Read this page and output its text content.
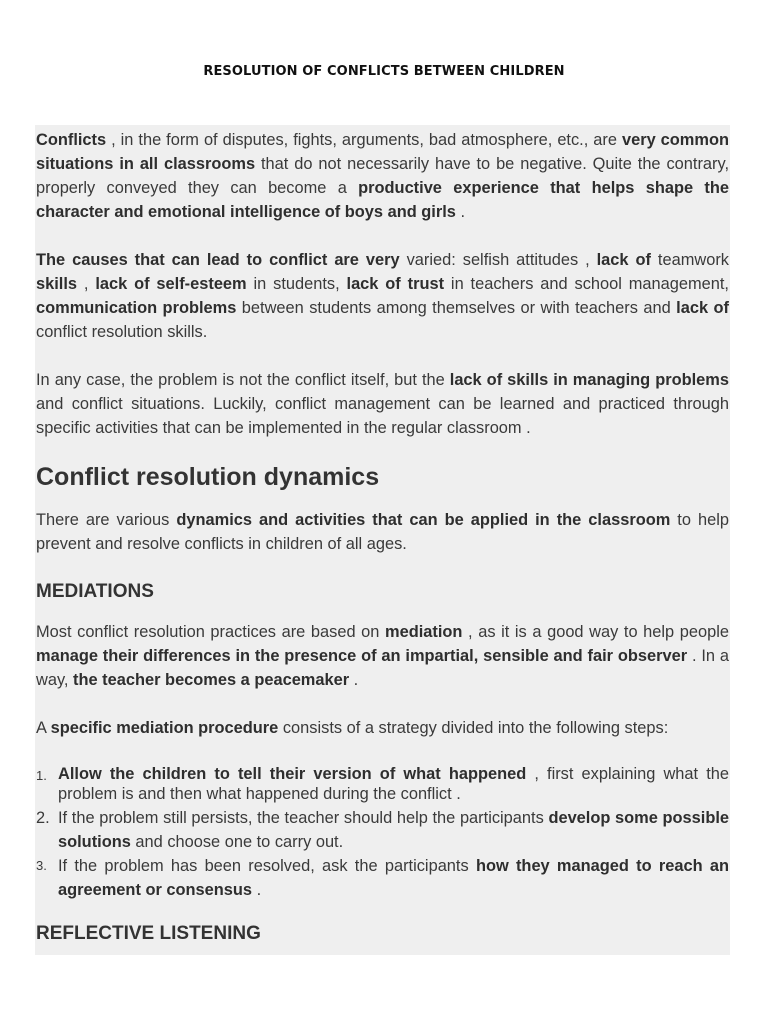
RESOLUTION OF CONFLICTS BETWEEN CHILDREN

Conflicts , in the form of disputes, fights, arguments, bad atmosphere, etc., are very common situations in all classrooms that do not necessarily have to be negative. Quite the contrary, properly conveyed they can become a productive experience that helps shape the character and emotional intelligence of boys and girls .

The causes that can lead to conflict are very varied: selfish attitudes , lack of teamwork skills , lack of self-esteem in students, lack of trust in teachers and school management, communication problems between students among themselves or with teachers and lack of conflict resolution skills.

In any case, the problem is not the conflict itself, but the lack of skills in managing problems and conflict situations. Luckily, conflict management can be learned and practiced through specific activities that can be implemented in the regular classroom .

Conflict resolution dynamics

There are various dynamics and activities that can be applied in the classroom to help prevent and resolve conflicts in children of all ages.

MEDIATIONS

Most conflict resolution practices are based on mediation , as it is a good way to help people manage their differences in the presence of an impartial, sensible and fair observer . In a way, the teacher becomes a peacemaker .

A specific mediation procedure consists of a strategy divided into the following steps:

1. Allow the children to tell their version of what happened , first explaining what the problem is and then what happened during the conflict .
2. If the problem still persists, the teacher should help the participants develop some possible solutions and choose one to carry out.
3. If the problem has been resolved, ask the participants how they managed to reach an agreement or consensus .
REFLECTIVE LISTENING
